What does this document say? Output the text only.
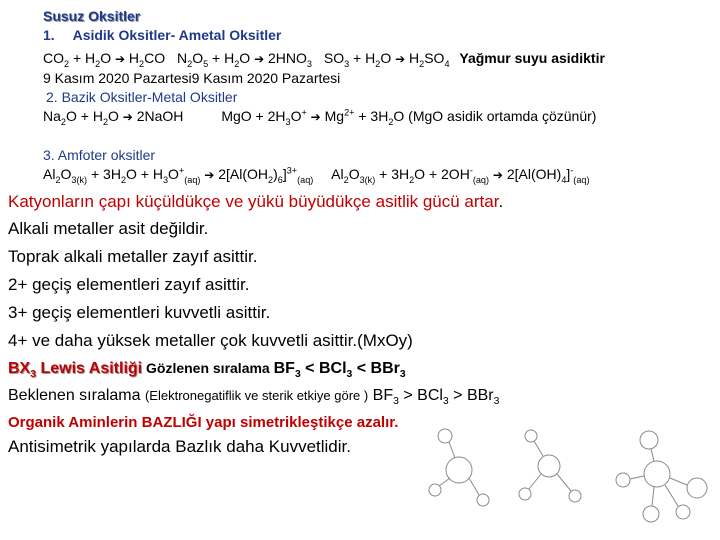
Susuz Oksitler
1. Asidik Oksitler- Ametal Oksitler
$CO_2 + H_2O$ ➔ $H_2CO$ $N_2O_5 + H_2O$ ➔ $2HNO_3$ $SO_3 + H_2O$ ➔ $H_2SO_4$ Yağmur suyu asidiktir
9 Kasım 2020 Pazartesi9 Kasım 2020 Pazartesi
2. Bazik Oksitler-Metal Oksitler
$Na_2O + H_2O$ ➔ 2NaOH	MgO + $2H_3O^+$ ➔ $Mg^{2+} + 3H_2O$ (MgO asidik ortamda çözünür)
3. Amfoter oksitler
$Al_2O_{3(k)} + 3H_2O + H_3O^+_{(aq)}$ ➔ $2[Al(OH_2)_6]^{3+}_{(aq)}$ $Al_2O_{3(k)} + 3H_2O + 2OH^-_{(aq)}$ ➔ $2[Al(OH)_4]^-_{(aq)}$
Katyonların çapı küçüldükçe ve yükü büyüdükçe asitlik gücü artar.
Alkali metaller asit değildir.
Toprak alkali metaller zayıf asittir.
2+ geçiş elementleri zayıf asittir.
3+ geçiş elementleri kuvvetli asittir.
4+ ve daha yüksek metaller çok kuvvetli asittir.(MxOy)
$BX_3$ Lewis Asitliği Gözlenen sıralama $BF_3 < BCl_3 < BBr_3$
Beklenen sıralama (Elektronegatiflik ve sterik etkiye göre ) $BF_3 > BCl_3 > BBr_3$
Organik Aminlerin BAZLIĞI yapı simetrikleştikçe azalır.
Antisimetrik yapılarda Bazlık daha Kuvvetlidir.
